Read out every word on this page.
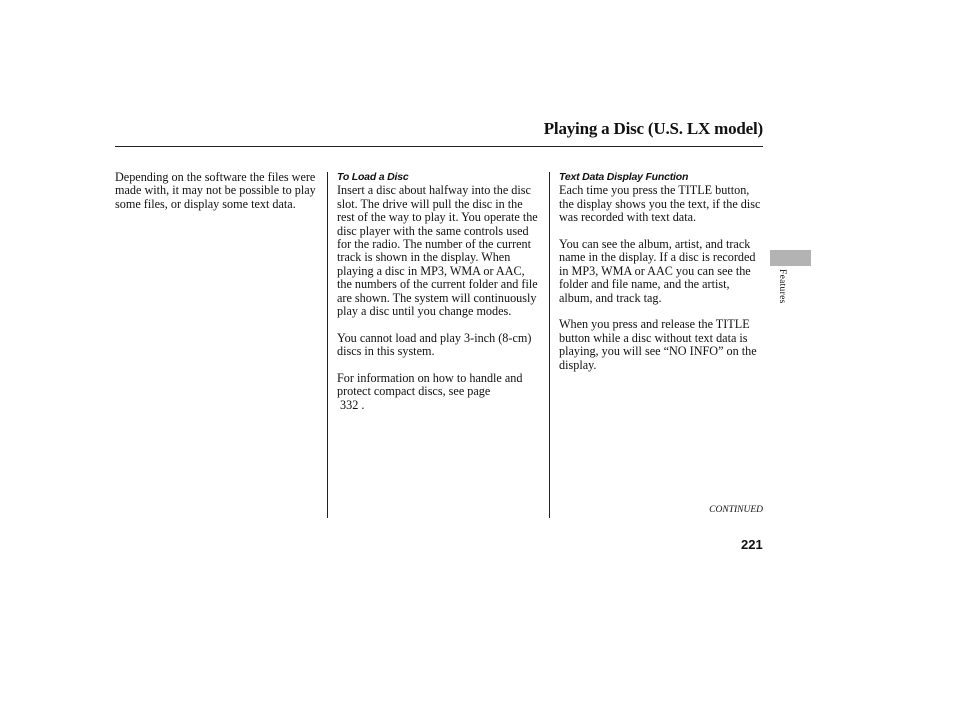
Playing a Disc (U.S. LX model)

Depending on the software the files were made with, it may not be possible to play some files, or display some text data.

To Load a Disc

Insert a disc about halfway into the disc slot. The drive will pull the disc in the rest of the way to play it. You operate the disc player with the same controls used for the radio. The number of the current track is shown in the display. When playing a disc in MP3, WMA or AAC, the numbers of the current folder and file are shown. The system will continuously play a disc until you change modes.

You cannot load and play 3-inch (8-cm) discs in this system.

For information on how to handle and protect compact discs, see page
332 .

Text Data Display Function

Each time you press the TITLE button, the display shows you the text, if the disc was recorded with text data.

You can see the album, artist, and track name in the display. If a disc is recorded in MP3, WMA or AAC you can see the folder and file name, and the artist, album, and track tag.

When you press and release the TITLE button while a disc without text data is playing, you will see “NO INFO” on the display.

Features
CONTINUED
221
